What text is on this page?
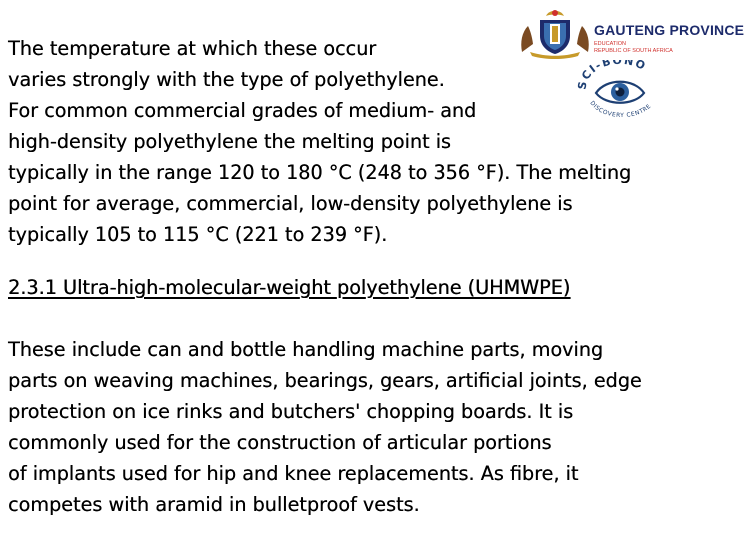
GAUTENG PROVINCE
EDUCATION
REPUBLIC OF SOUTH AFRICA
SCI-BONO
DISCOVERY CENTRE

The temperature at which these occur
varies strongly with the type of polyethylene.
For common commercial grades of medium- and
high-density polyethylene the melting point is
typically in the range 120 to 180 °C (248 to 356 °F). The melting
point for average, commercial, low-density polyethylene is
typically 105 to 115 °C (221 to 239 °F).

2.3.1 Ultra-high-molecular-weight polyethylene (UHMWPE)

These include can and bottle handling machine parts, moving
parts on weaving machines, bearings, gears, artificial joints, edge
protection on ice rinks and butchers' chopping boards. It is
commonly used for the construction of articular portions
of implants used for hip and knee replacements. As fibre, it
competes with aramid in bulletproof vests.
